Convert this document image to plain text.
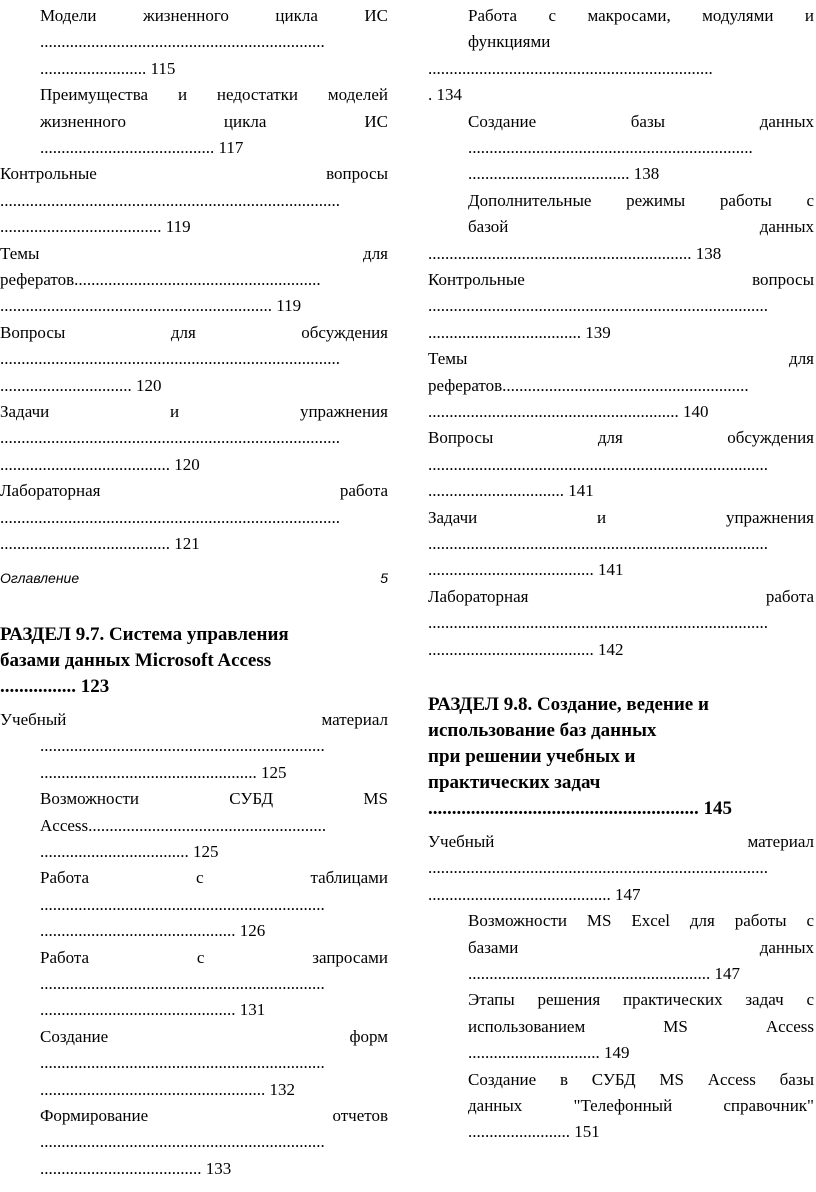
Модели	жизненного	цикла	ИС
...................................................................
......................... 115
Преимущества и недостатки моделей
жизненного	цикла	ИС
......................................... 117
Контрольные	вопросы
................................................................................
...................................... 119
Темы	для
рефератов..........................................................
................................................................ 119
Вопросы	для	обсуждения
................................................................................
............................... 120
Задачи	и	упражнения
................................................................................
........................................ 120
Лабораторная	работа
................................................................................
........................................ 121
Учебный	материал
...................................................................
................................................... 125
Возможности	СУБД	MS
Access........................................................
................................... 125
Работа	с	таблицами
...................................................................
.............................................. 126
Работа	с	запросами
...................................................................
.............................................. 131
Создание	форм
...................................................................
..................................................... 132
Формирование	отчетов
...................................................................
...................................... 133
РАЗДЕЛ 9.7. Система управления
базами данных Microsoft Access
................ 123
Оглавление	5
Работа с макросами, модулями и
функциями
...................................................................
. 134
Создание	базы	данных
...................................................................
...................................... 138
Дополнительные режимы работы с
базой	данных
.............................................................. 138
Контрольные	вопросы
................................................................................
.................................... 139
Темы	для
рефератов..........................................................
........................................................... 140
Вопросы	для	обсуждения
................................................................................
................................ 141
Задачи	и	упражнения
................................................................................
....................................... 141
Лабораторная	работа
................................................................................
....................................... 142
Учебный	материал
................................................................................
........................................... 147
Возможности MS Excel для работы с
базами	данных
......................................................... 147
Этапы решения практических задач с
использованием	MS	Access
............................... 149
Создание в СУБД MS Access базы
данных	"Телефонный	справочник"
........................ 151
РАЗДЕЛ 9.8. Создание, ведение и
использование баз данных
при решении учебных и
практических задач
......................................................... 145
